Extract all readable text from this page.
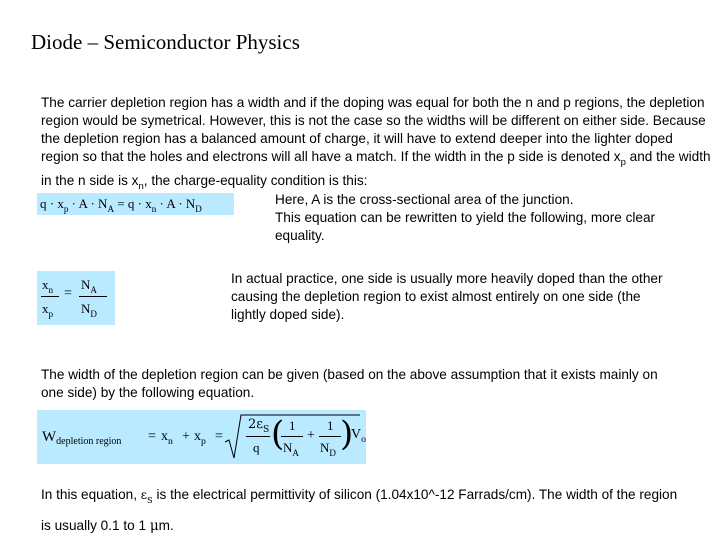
Diode – Semiconductor Physics

The carrier depletion region has a width and if the doping was equal for both the n and p regions, the depletion region would be symetrical. However, this is not the case so the widths will be different on either side. Because the depletion region has a balanced amount of charge, it will have to extend deeper into the lighter doped region so that the holes and electrons will all have a match. If the width in the p side is denoted $x_p$ and the width in the n side is $x_n$, the charge-equality condition is this:

$q \cdot x_p \cdot A \cdot N_A = q \cdot x_n \cdot A \cdot N_D$

Here, A is the cross-sectional area of the junction.
This equation can be rewritten to yield the following, more clear equality.

$x_n$
$x_p$
=
$N_A$
$N_D$

In actual practice, one side is usually more heavily doped than the other causing the depletion region to exist almost entirely on one side (the lightly doped side).

The width of the depletion region can be given (based on the above assumption that it exists mainly on one side) by the following equation.

$W_{depletion region} = x_n + x_p$ =
$2\varepsilon_S$
q ( 1
$N_A$
+
1
$N_D$ )
$V_o$

In this equation, $\varepsilon_S$ is the electrical permittivity of silicon (1.04x10^-12 Farrads/cm). The width of the region is usually 0.1 to 1 μm.
